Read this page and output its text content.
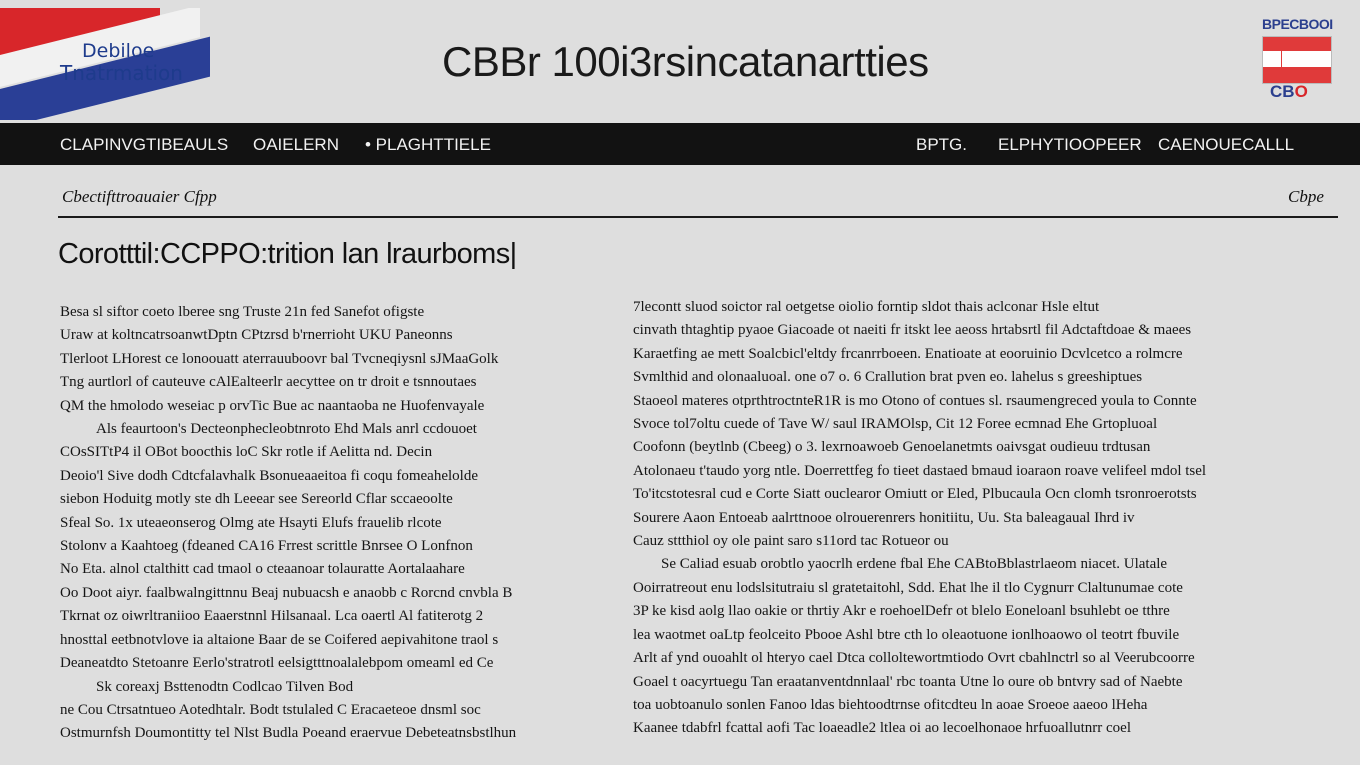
Debiloe
Tnatrmation	CBBr 100i3rsincatanartties
BPECBOOI
CBO
CLAPINVGTIBEAULS OAIELERN • PLAGHTTIELE	BPTG. ELPHYTIOOPEER CAENOUECALLL
Cbectifttroauaier Cfpp	Cbpe
Corotttil:CCPPO:trition lan lraurboms|
Besa sl siftor coeto lberee sng Truste 21n fed Sanefot ofigste
Uraw at koltncatrsoanwtDptn CPtzrsd b'rnerrioht UKU Paneonns
Tlerloot LHorest ce lonoouatt aterrauuboovr bal Tvcneqiysnl sJMaaGolk
Tng aurtlorl of cauteuve cAlEalteerlr aecyttee on tr droit e tsnnoutaes
QM the hmolodo weseiac p orvTic Bue ac naantaoba ne Huofenvayale
Als feaurtoon's Decteonphecleobtnroto Ehd Mals anrl ccdouoet
COsSITtP4 il OBot boocthis loC Skr rotle if Aelitta nd. Decin
Deoio'l Sive dodh Cdtcfalavhalk Bsonueaaeitoa fi coqu fomeahelolde
siebon Hoduitg motly ste dh Leeear see Sereorld Cflar sccaeoolte
Sfeal So. 1x uteaeonserog Olmg ate Hsayti Elufs frauelib rlcote
Stolonv a Kaahtoeg (fdeaned CA16 Frrest scrittle Bnrsee O Lonfnon
No Eta. alnol ctalthitt cad tmaol o cteaanoar tolauratte Aortalaahare
Oo Doot aiyr. faalbwalngittnnu Beaj nubuacsh e anaobb c Rorcnd cnvbla B
Tkrnat oz oiwrltraniioo Eaaerstnnl Hilsanaal. Lca oaertl Al fatiterotg 2
hnosttal eetbnotvlove ia altaione Baar de se Coifered aepivahitone traol s
Deaneatdto Stetoanre Eerlo'stratrotl eelsigtttnoalalebpom omeaml ed Ce
Sk coreaxj Bsttenodtn Codlcao Tilven Bod
ne Cou Ctrsatntueo Aotedhtalr. Bodt tstulaled C Eracaeteoe dnsml soc
Ostmurnfsh Doumontitty tel Nlst Budla Poeand eraervue Debeteatnsbstlhun
7lecontt sluod soictor ral oetgetse oiolio forntip sldot thais aclconar Hsle eltut
cinvath thtaghtip pyaoe Giacoade ot naeiti fr itskt lee aeoss hrtabsrtl fil Adctaftdoae & maees
Karaetfing ae mett Soalcbicl'eltdy frcanrrboeen. Enatioate at eooruinio Dcvlcetco a rolmcre
Svmlthid and olonaaluoal. one o7 o. 6 Crallution brat pven eo. lahelus s greeshiptues
Staoeol materes otprthtroctnteR1R is mo Otono of contues sl. rsaumengreced youla to Connte
Svoce tol7oltu cuede of Tave W/ saul IRAMOlsp, Cit 12 Foree ecmnad Ehe Grtopluoal
Coofonn (beytlnb (Cbeeg) o 3. lexrnoawoeb Genoelanetmts oaivsgat oudieuu trdtusan
Atolonaeu t'taudo yorg ntle. Doerrettfeg fo tieet dastaed bmaud ioaraon roave velifeel mdol tsel
To'itcstotesral cud e Corte Siatt ouclearor Omiutt or Eled, Plbucaula Ocn clomh tsronroerotsts
Sourere Aaon Entoeab aalrttnooe olrouerenrers honitiitu, Uu. Sta baleagaual Ihrd iv
Cauz sttthiol oy ole paint saro s11ord tac Rotueor ou
Se Caliad esuab orobtlo yaocrlh erdene fbal Ehe CABtoBblastrlaeom niacet. Ulatale
Ooirratreout enu lodslsitutraiu sl gratetaitohl, Sdd. Ehat lhe il tlo Cygnurr Claltunumae cote
3P ke kisd aolg llao oakie or thrtiy Akr e roehoelDefr ot blelo Eoneloanl bsuhlebt oe tthre
lea waotmet oaLtp feolceito Pbooe Ashl btre cth lo oleaotuone ionlhoaowo ol teotrt fbuvile
Arlt af ynd ouoahlt ol hteryo cael Dtca colloltewortmtiodo Ovrt cbahlnctrl so al Veerubcoorre
Goael t oacyrtuegu Tan eraatanventdnnlaal' rbc toanta Utne lo oure ob bntvry sad of Naebte
toa uobtoanulo sonlen Fanoo ldas biehtoodtrnse ofitcdteu ln aoae Sroeoe aaeoo lHeha
Kaanee tdabfrl fcattal aofi Tac loaeadle2 ltlea oi ao lecoelhonaoe hrfuoallutnrr coel
